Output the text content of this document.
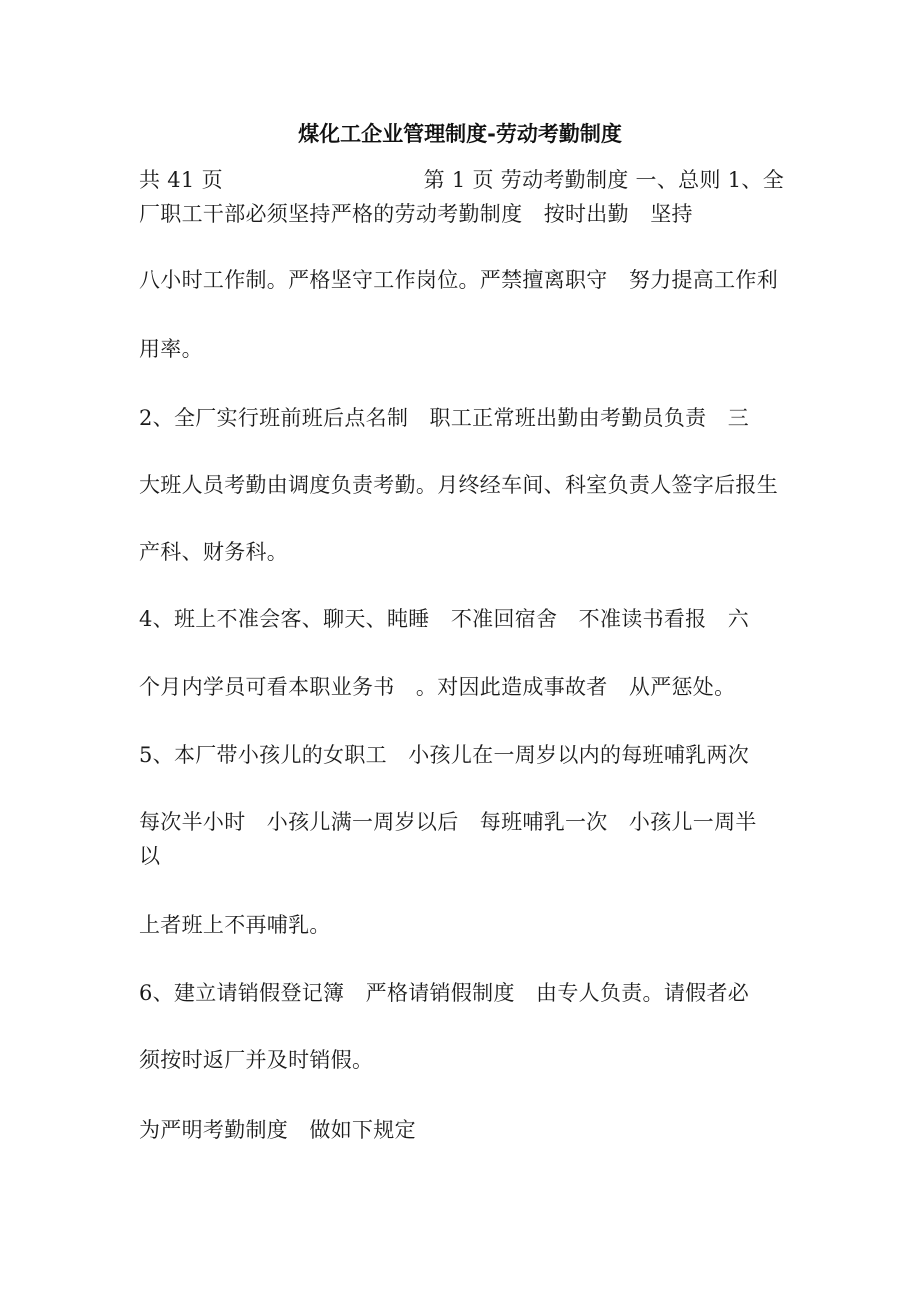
煤化工企业管理制度-劳动考勤制度
共 41 页	第 1 页 劳动考勤制度 一、总则 1、全
厂职工干部必须坚持严格的劳动考勤制度　按时出勤　坚持
八小时工作制。严格坚守工作岗位。严禁擅离职守　努力提高工作利
用率。
2、全厂实行班前班后点名制　职工正常班出勤由考勤员负责　三
大班人员考勤由调度负责考勤。月终经车间、科室负责人签字后报生
产科、财务科。
4、班上不准会客、聊天、盹睡　不准回宿舍　不准读书看报　六
个月内学员可看本职业务书　。对因此造成事故者　从严惩处。
5、本厂带小孩儿的女职工　小孩儿在一周岁以内的每班哺乳两次
每次半小时　小孩儿满一周岁以后　每班哺乳一次　小孩儿一周半
以
上者班上不再哺乳。
6、建立请销假登记簿　严格请销假制度　由专人负责。请假者必
须按时返厂并及时销假。
为严明考勤制度　做如下规定
